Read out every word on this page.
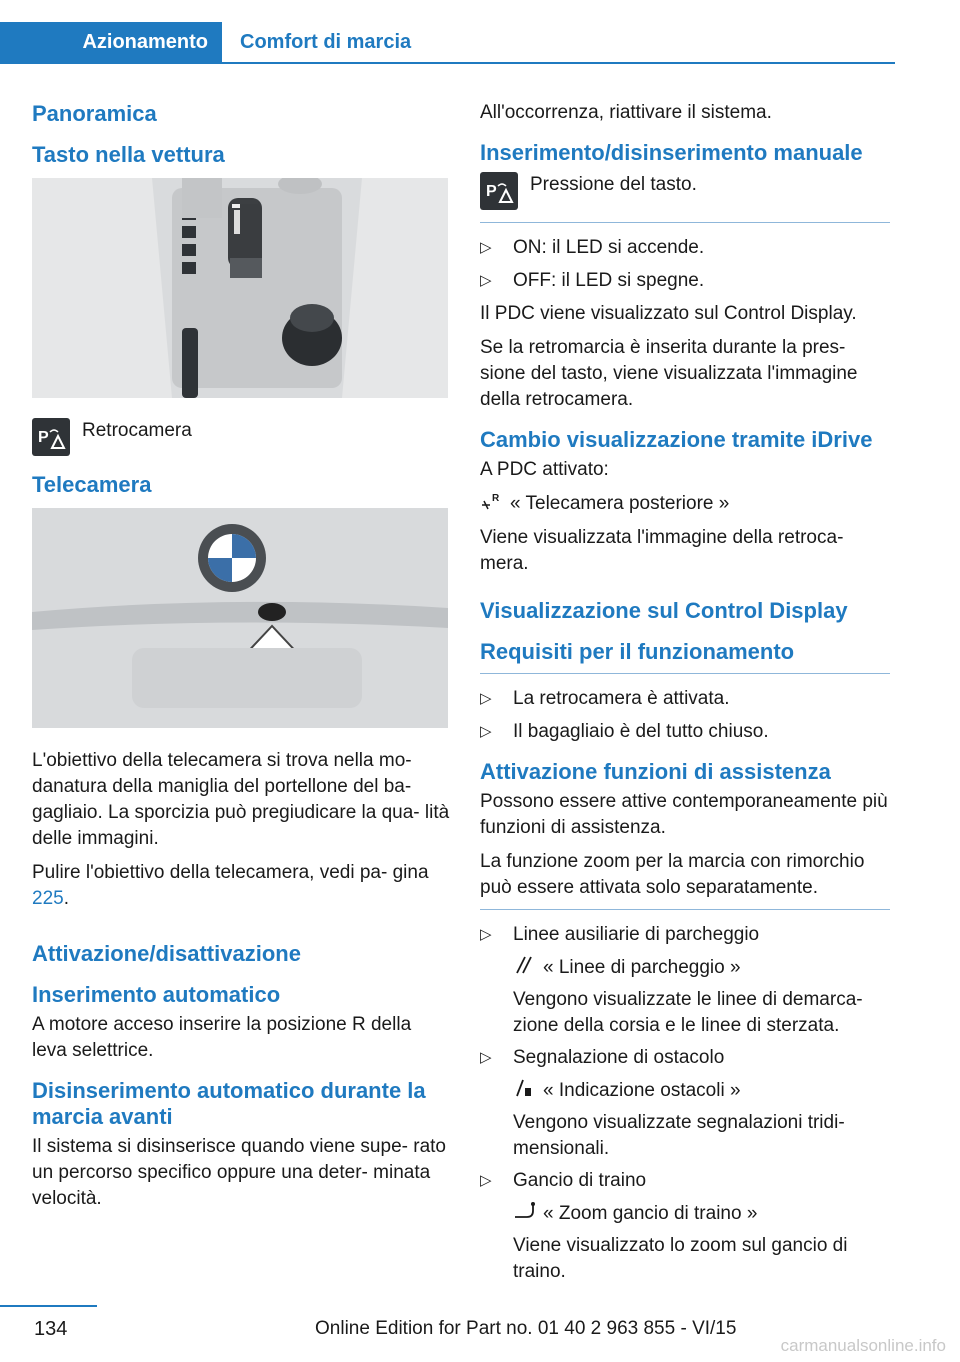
Azionamento	Comfort di marcia
Panoramica
Tasto nella vettura
P Retrocamera
Telecamera
L'obiettivo della telecamera si trova nella mo- danatura della maniglia del portellone del ba- gagliaio. La sporcizia può pregiudicare la qua- lità delle immagini.
Pulire l'obiettivo della telecamera, vedi pa- gina 225.
Attivazione/disattivazione
Inserimento automatico
A motore acceso inserire la posizione R della leva selettrice.
Disinserimento automatico durante la marcia avanti
Il sistema si disinserisce quando viene supe- rato un percorso specifico oppure una deter- minata velocità.
All'occorrenza, riattivare il sistema.
Inserimento/disinserimento manuale
P Pressione del tasto.
▷	ON: il LED si accende.
▷	OFF: il LED si spegne.
Il PDC viene visualizzato sul Control Display.
Se la retromarcia è inserita durante la pres- sione del tasto, viene visualizzata l'immagine della retrocamera.
Cambio visualizzazione tramite iDrive
A PDC attivato:
R « Telecamera posteriore »
Viene visualizzata l'immagine della retroca- mera.
Visualizzazione sul Control Display
Requisiti per il funzionamento
▷	La retrocamera è attivata.
▷	Il bagagliaio è del tutto chiuso.
Attivazione funzioni di assistenza
Possono essere attive contemporaneamente più funzioni di assistenza.
La funzione zoom per la marcia con rimorchio può essere attivata solo separatamente.
▷	Linee ausiliarie di parcheggio
« Linee di parcheggio »
Vengono visualizzate le linee di demarca- zione della corsia e le linee di sterzata.
▷	Segnalazione di ostacolo
« Indicazione ostacoli »
Vengono visualizzate segnalazioni tridi- mensionali.
▷	Gancio di traino
« Zoom gancio di traino »
Viene visualizzato lo zoom sul gancio di traino.
134	Online Edition for Part no. 01 40 2 963 855 - VI/15
carmanualsonline.info
